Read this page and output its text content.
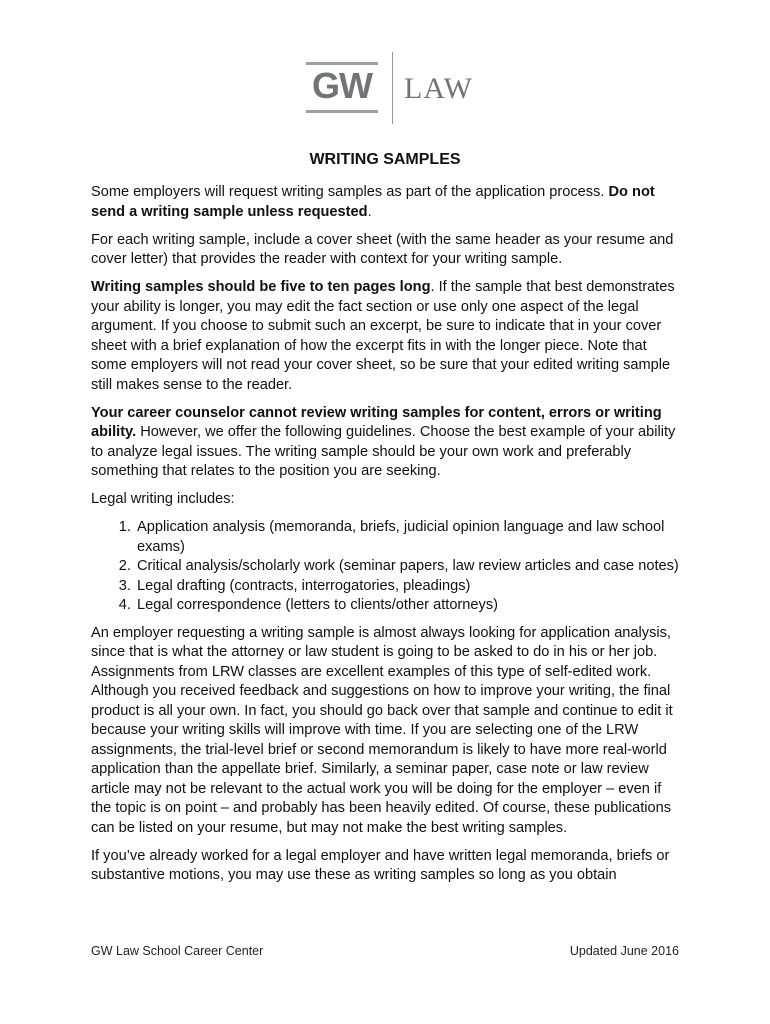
GW LAW
WRITING SAMPLES

Some employers will request writing samples as part of the application process. Do not send a writing sample unless requested.

For each writing sample, include a cover sheet (with the same header as your resume and cover letter) that provides the reader with context for your writing sample.

Writing samples should be five to ten pages long. If the sample that best demonstrates your ability is longer, you may edit the fact section or use only one aspect of the legal argument. If you choose to submit such an excerpt, be sure to indicate that in your cover sheet with a brief explanation of how the excerpt fits in with the longer piece. Note that some employers will not read your cover sheet, so be sure that your edited writing sample still makes sense to the reader.

Your career counselor cannot review writing samples for content, errors or writing ability. However, we offer the following guidelines. Choose the best example of your ability to analyze legal issues. The writing sample should be your own work and preferably something that relates to the position you are seeking.

Legal writing includes:

1. Application analysis (memoranda, briefs, judicial opinion language and law school exams)
2. Critical analysis/scholarly work (seminar papers, law review articles and case notes)
3. Legal drafting (contracts, interrogatories, pleadings)
4. Legal correspondence (letters to clients/other attorneys)

An employer requesting a writing sample is almost always looking for application analysis, since that is what the attorney or law student is going to be asked to do in his or her job. Assignments from LRW classes are excellent examples of this type of self-edited work. Although you received feedback and suggestions on how to improve your writing, the final product is all your own. In fact, you should go back over that sample and continue to edit it because your writing skills will improve with time. If you are selecting one of the LRW assignments, the trial-level brief or second memorandum is likely to have more real-world application than the appellate brief. Similarly, a seminar paper, case note or law review article may not be relevant to the actual work you will be doing for the employer – even if the topic is on point – and probably has been heavily edited. Of course, these publications can be listed on your resume, but may not make the best writing samples.

If you’ve already worked for a legal employer and have written legal memoranda, briefs or substantive motions, you may use these as writing samples so long as you obtain

GW Law School Career Center	Updated June 2016
